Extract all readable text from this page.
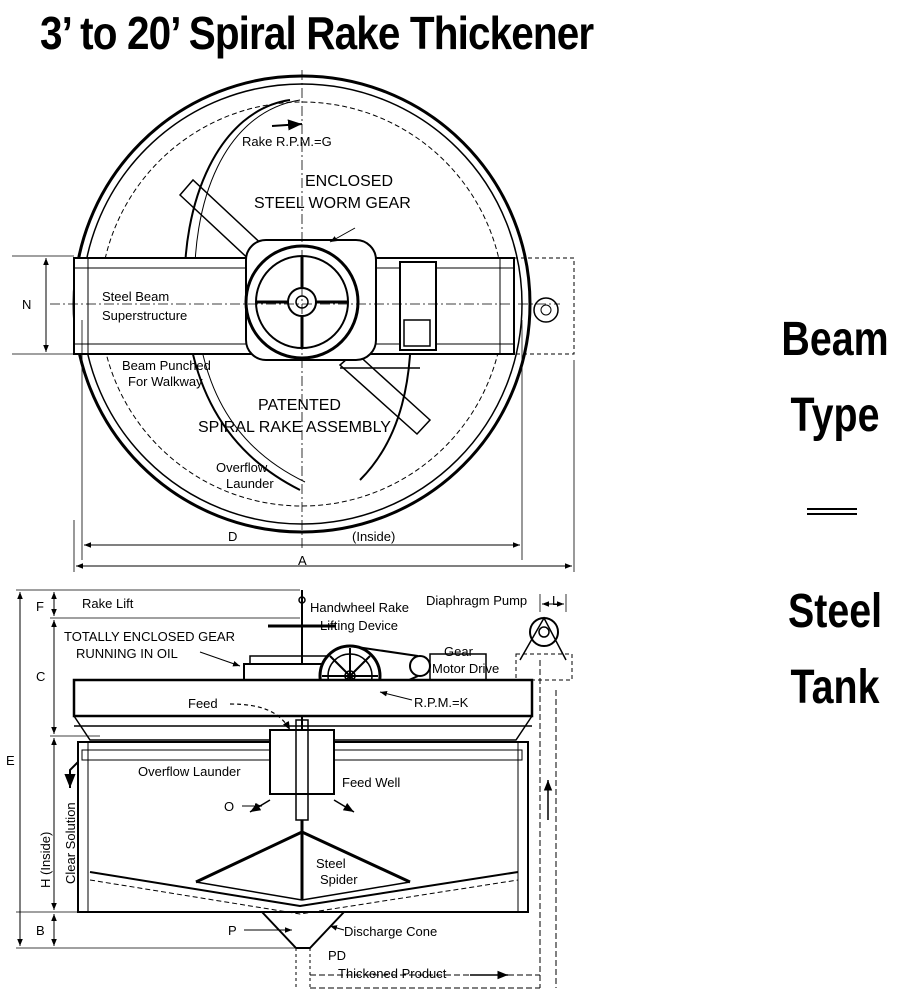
3’ to 20’ Spiral Rake Thickener
Beam
Type
Steel
Tank
Rake R.P.M.=G
ENCLOSED
STEEL WORM GEAR
Steel Beam
Superstructure
Beam Punched
For Walkway
PATENTED
SPIRAL RAKE ASSEMBLY
Overflow
Launder
N
D	(Inside)
A
F	Rake Lift	Handwheel Rake
Lifting Device
Diaphragm Pump L
TOTALLY ENCLOSED GEAR
RUNNING IN OIL	Gear
Motor Drive
C
Feed	R.P.M.=K
E
Overflow Launder
Feed Well
O
H (Inside) Clear Solution	Steel
Spider
B	P	Discharge Cone
PD
Thickened Product
